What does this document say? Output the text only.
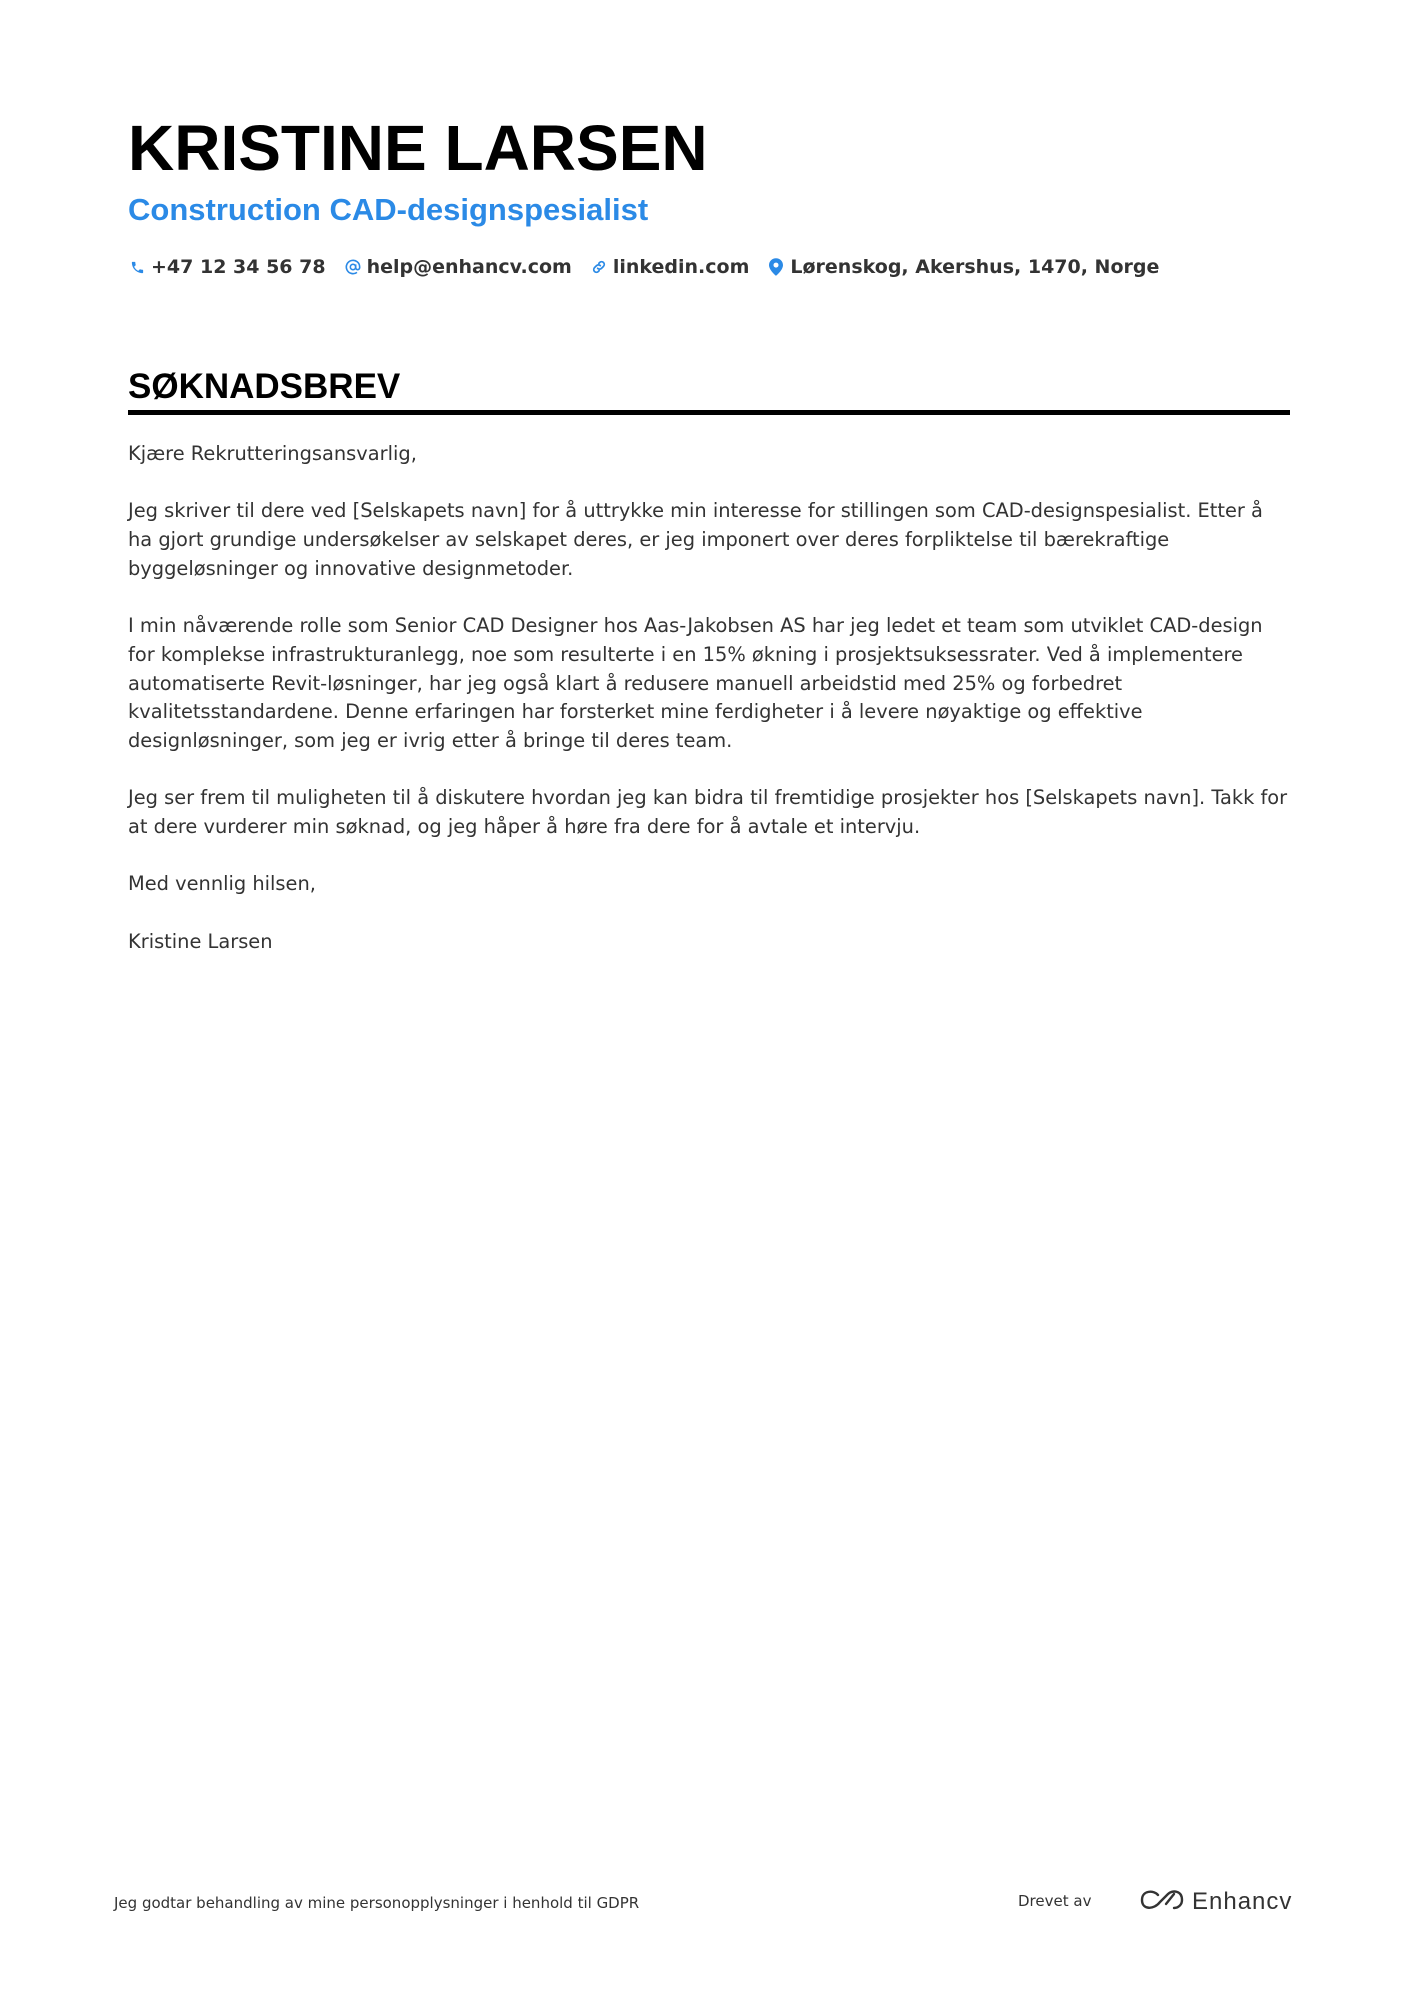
KRISTINE LARSEN
Construction CAD-designspesialist
+47 12 34 56 78 help@enhancv.com linkedin.com Lørenskog, Akershus, 1470, Norge
SØKNADSBREV

Kjære Rekrutteringsansvarlig,

Jeg skriver til dere ved [Selskapets navn] for å uttrykke min interesse for stillingen som CAD-designspesialist. Etter å ha gjort grundige undersøkelser av selskapet deres, er jeg imponert over deres forpliktelse til bærekraftige byggeløsninger og innovative designmetoder.

I min nåværende rolle som Senior CAD Designer hos Aas-Jakobsen AS har jeg ledet et team som utviklet CAD-design for komplekse infrastrukturanlegg, noe som resulterte i en 15% økning i prosjektsuksessrater. Ved å implementere automatiserte Revit-løsninger, har jeg også klart å redusere manuell arbeidstid med 25% og forbedret kvalitetsstandardene. Denne erfaringen har forsterket mine ferdigheter i å levere nøyaktige og effektive designløsninger, som jeg er ivrig etter å bringe til deres team.

Jeg ser frem til muligheten til å diskutere hvordan jeg kan bidra til fremtidige prosjekter hos [Selskapets navn]. Takk for at dere vurderer min søknad, og jeg håper å høre fra dere for å avtale et intervju.

Med vennlig hilsen,

Kristine Larsen

Jeg godtar behandling av mine personopplysninger i henhold til GDPR	Drevet av	Enhancv
